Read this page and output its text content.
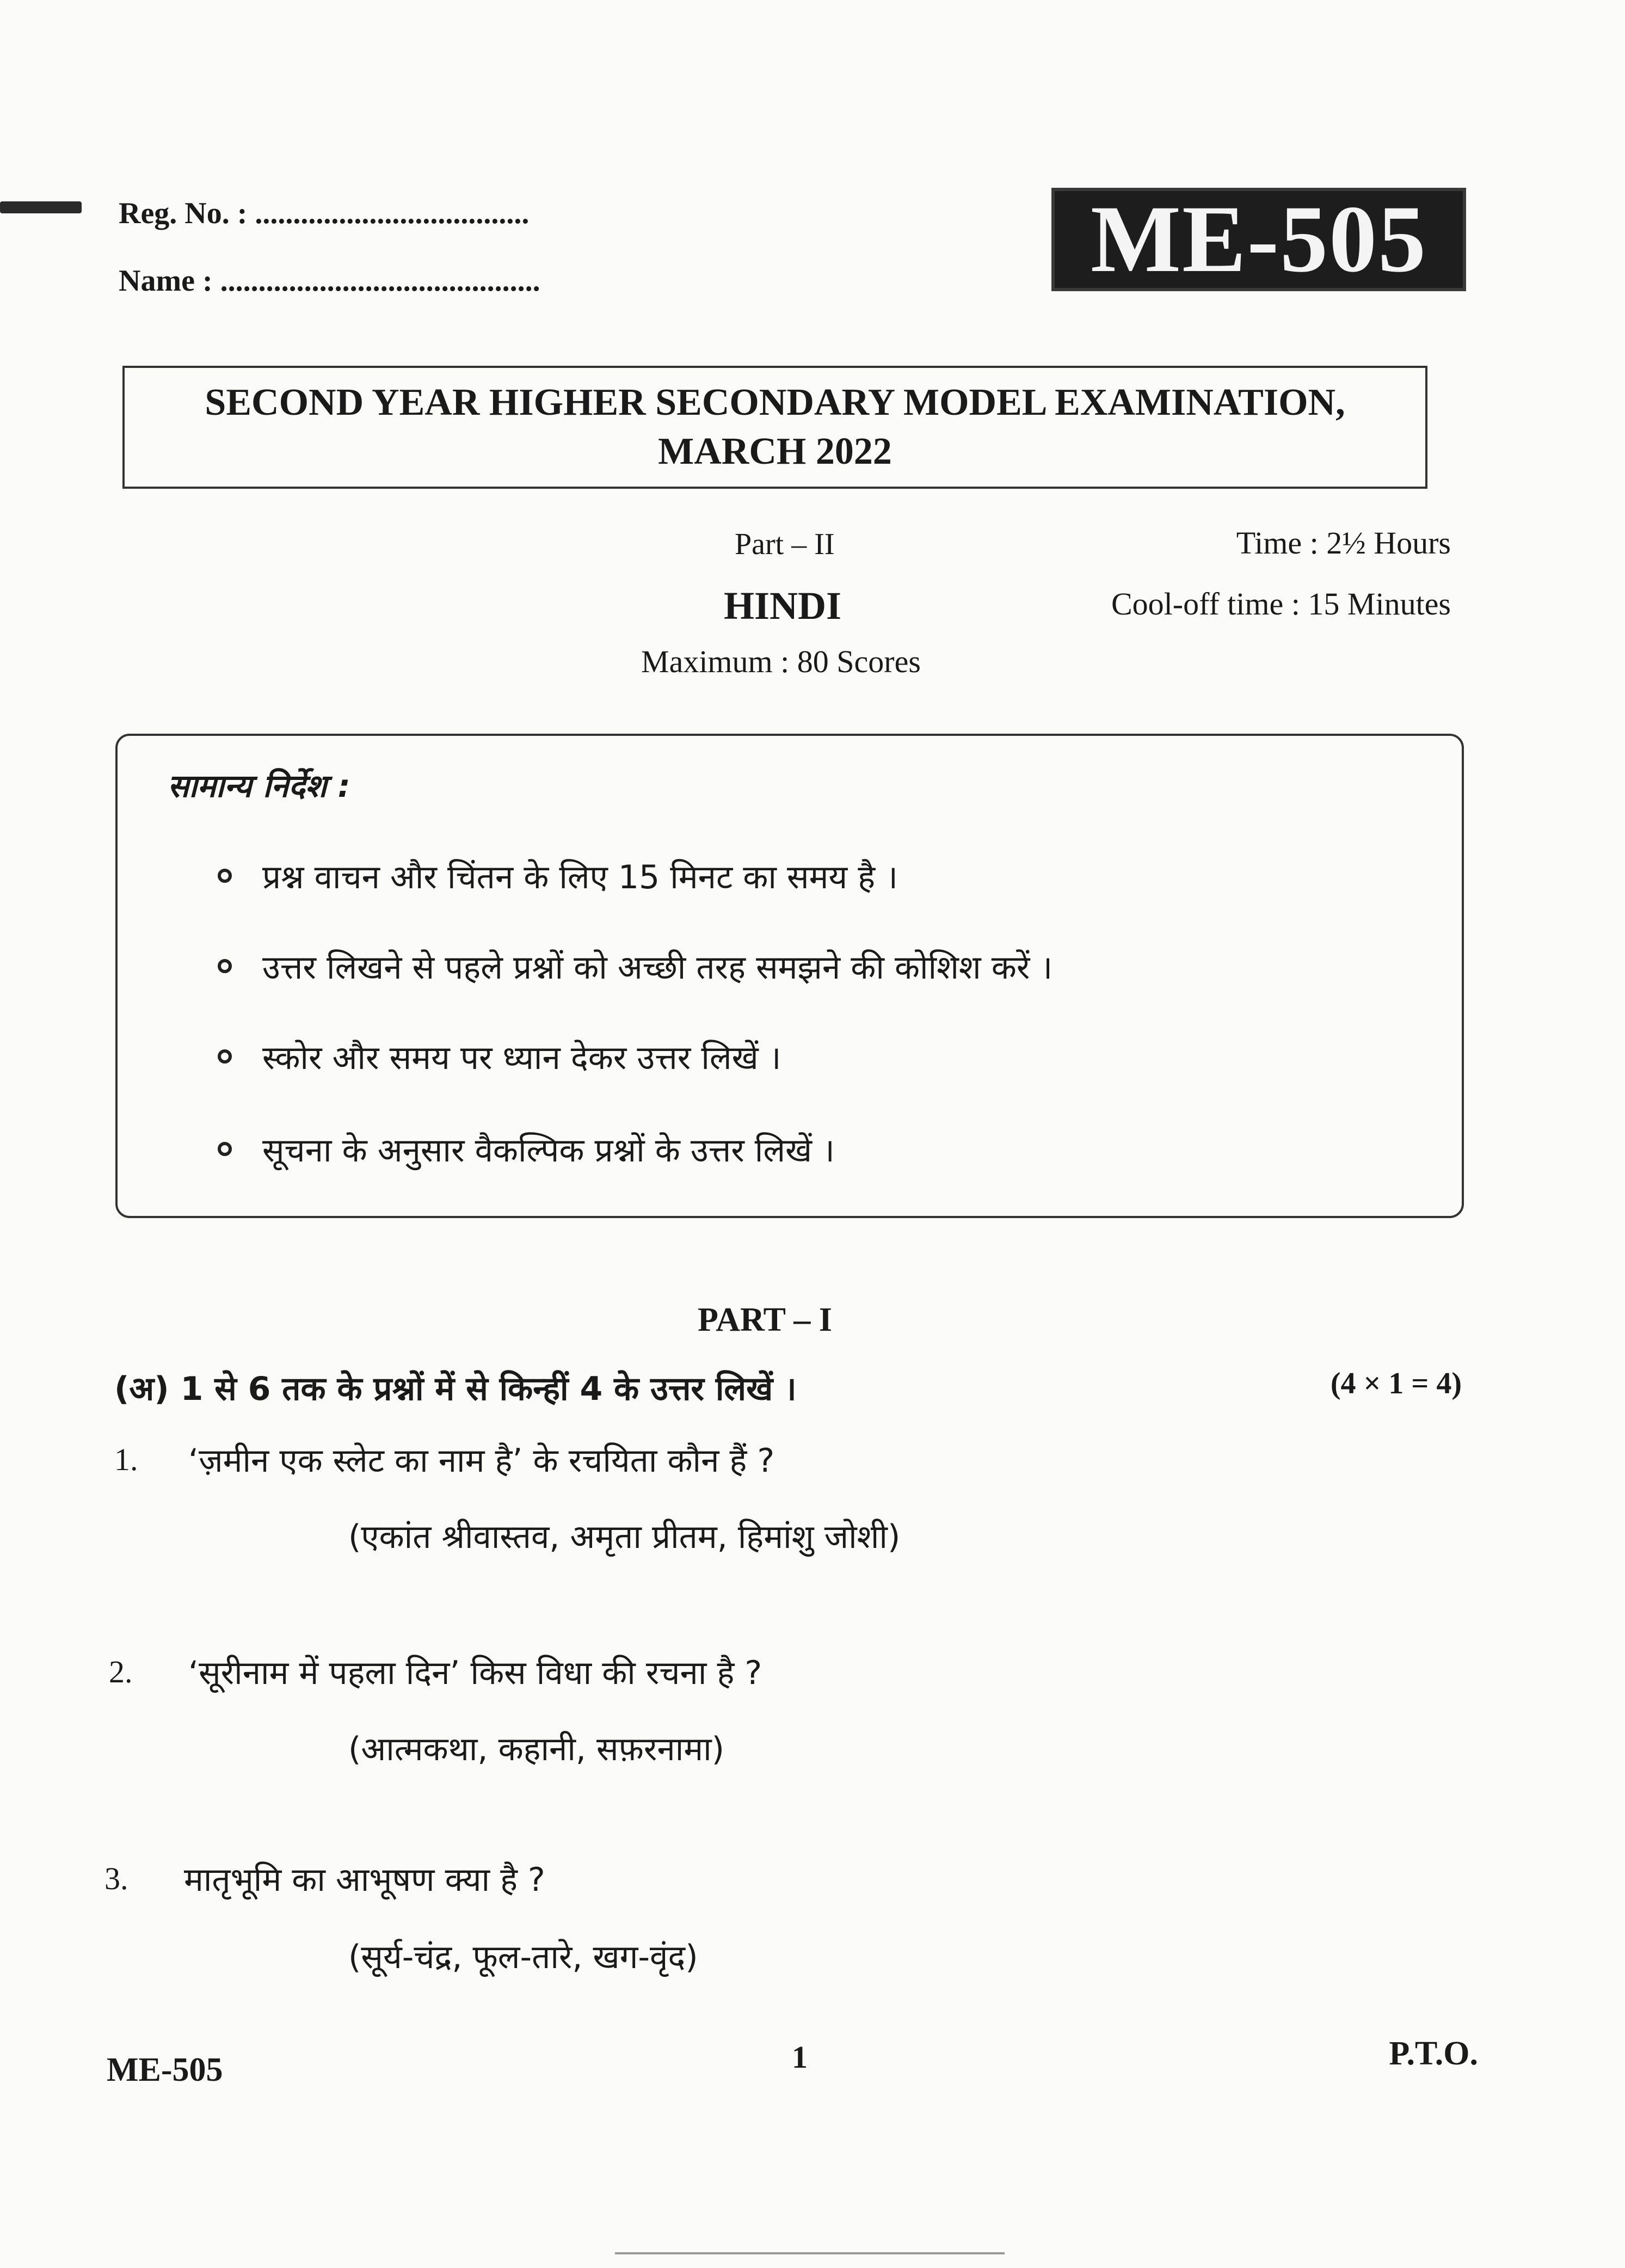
Reg. No. : ....................................
Name : ..........................................	ME-505
SECOND YEAR HIGHER SECONDARY MODEL EXAMINATION,
MARCH 2022
Part – II	Time : 2½ Hours
HINDI	Cool-off time : 15 Minutes
Maximum : 80 Scores
सामान्य निर्देश :
प्रश्न वाचन और चिंतन के लिए 15 मिनट का समय है ।
उत्तर लिखने से पहले प्रश्नों को अच्छी तरह समझने की कोशिश करें ।
स्कोर और समय पर ध्यान देकर उत्तर लिखें ।
सूचना के अनुसार वैकल्पिक प्रश्नों के उत्तर लिखें ।
PART – I
(अ) 1 से 6 तक के प्रश्नों में से किन्हीं 4 के उत्तर लिखें ।	(4 × 1 = 4)
1. ‘ज़मीन एक स्लेट का नाम है’ के रचयिता कौन हैं ?
(एकांत श्रीवास्तव, अमृता प्रीतम, हिमांशु जोशी)
2. ‘सूरीनाम में पहला दिन’ किस विधा की रचना है ?
(आत्मकथा, कहानी, सफ़रनामा)
3. मातृभूमि का आभूषण क्या है ?
(सूर्य-चंद्र, फूल-तारे, खग-वृंद)
ME-505	1	P.T.O.
